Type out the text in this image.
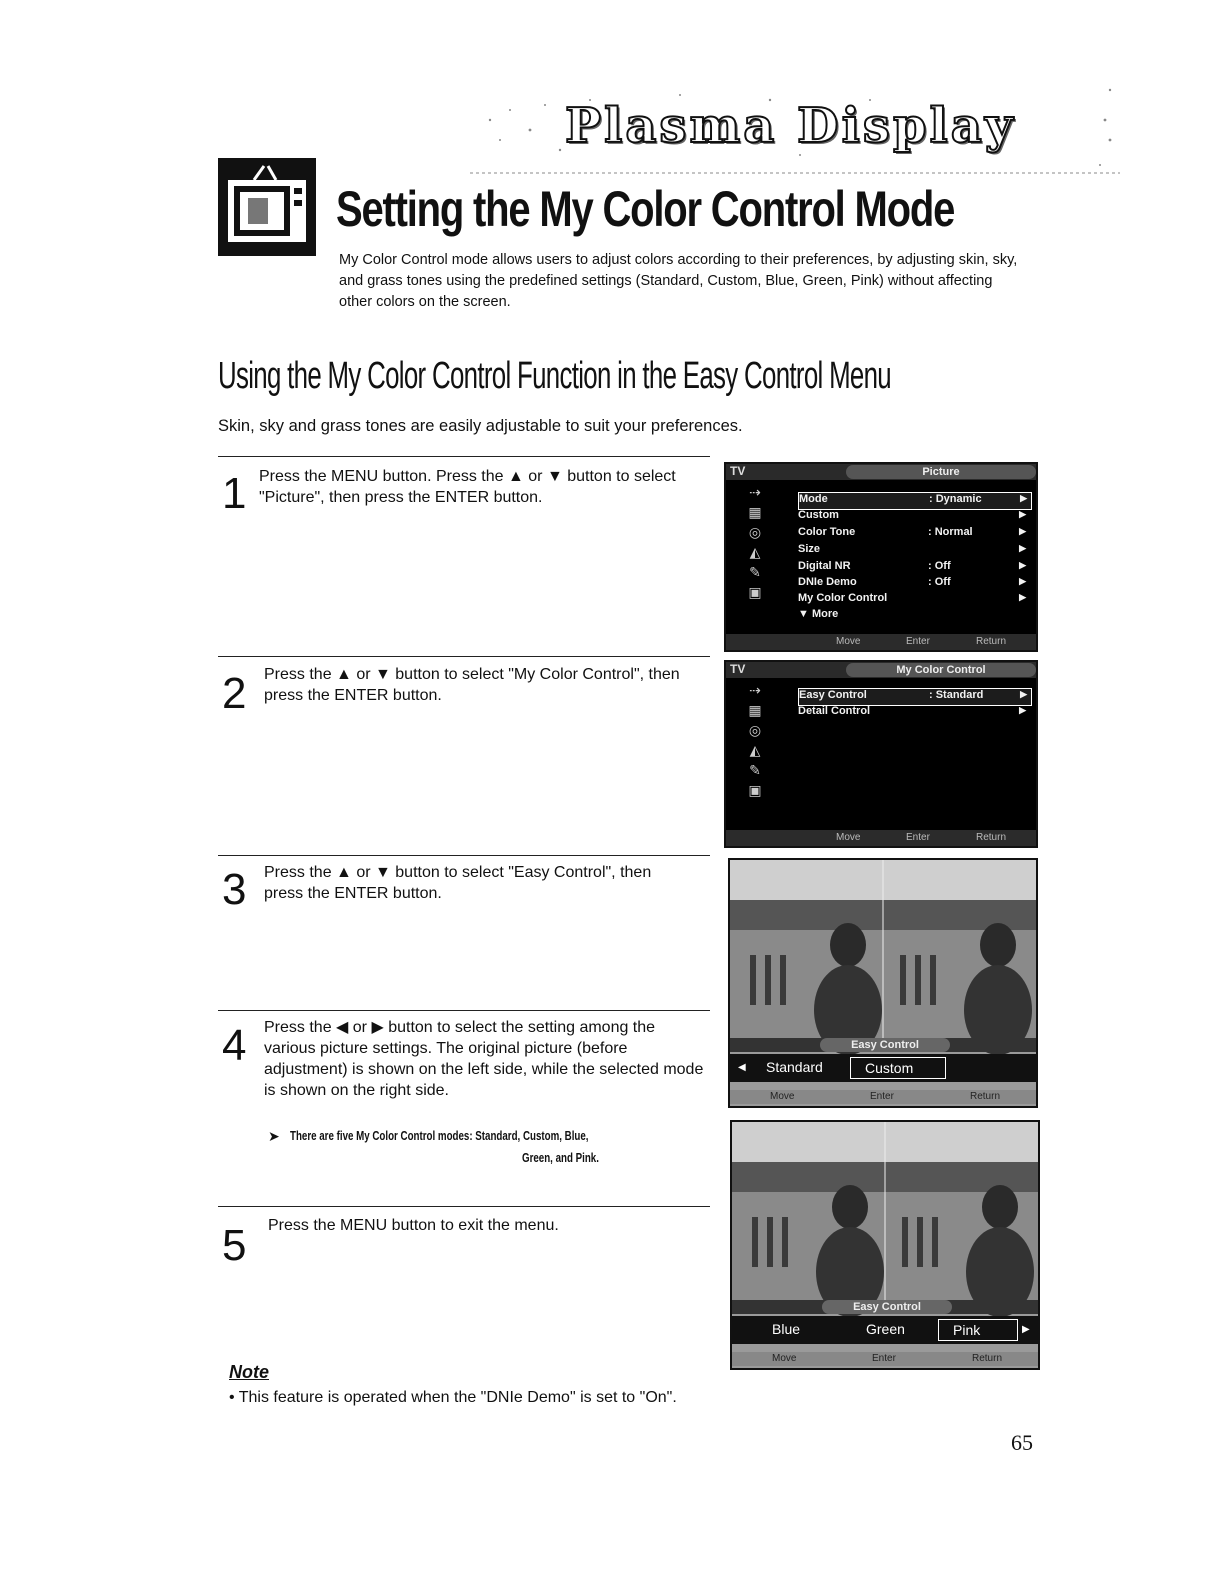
Plasma Display
Setting the My Color Control Mode
My Color Control mode allows users to adjust colors according to their preferences, by adjusting skin, sky, and grass tones using the predefined settings (Standard, Custom, Blue, Green, Pink) without affecting other colors on the screen.
Using the My Color Control Function in the Easy Control Menu
Skin, sky and grass tones are easily adjustable to suit your preferences.
1 Press the MENU button. Press the ▲ or ▼ button to select "Picture", then press the ENTER button.
2 Press the ▲ or ▼ button to select "My Color Control", then press the ENTER button.
3 Press the ▲ or ▼ button to select "Easy Control", then press the ENTER button.
4 Press the ◀ or ▶ button to select the setting among the various picture settings. The original picture (before adjustment) is shown on the left side, while the selected mode is shown on the right side.
➤ There are five My Color Control modes: Standard, Custom, Blue,
Green, and Pink.
5 Press the MENU button to exit the menu.
TV	Picture
⇢
▦
◎
◭
✎
▣
Mode	: Dynamic	▶
Custom	▶
Color Tone	: Normal	▶
Size	▶
Digital NR	: Off	▶
DNIe Demo	: Off	▶
My Color Control	▶
▼ More
Move	Enter	Return
TV	My Color Control
⇢
▦
◎
◭
✎
▣
Easy Control	: Standard	▶
Detail Control	▶
Move	Enter	Return
Easy Control
◀ Standard	Custom
Move	Enter	Return
Easy Control
Blue	Green	Pink	▶
Move	Enter	Return
Note
• This feature is operated when the "DNIe Demo" is set to "On".
65
